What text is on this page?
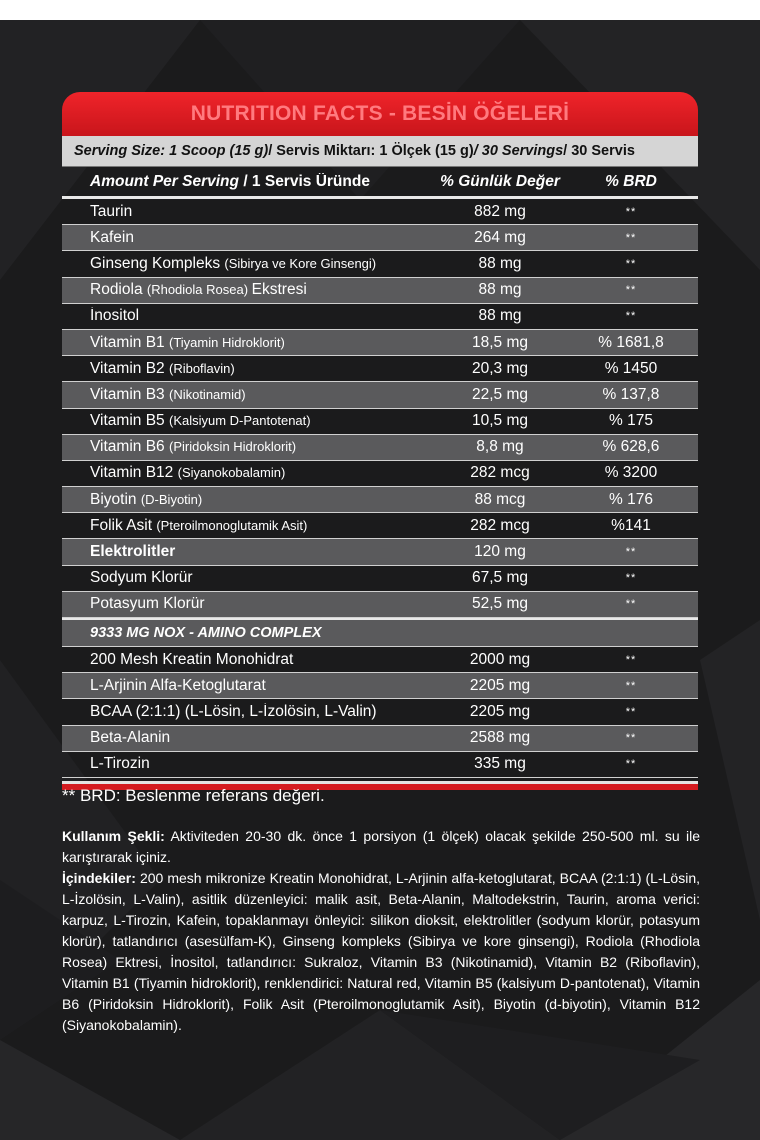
NUTRITION FACTS - BESİN ÖĞELERİ
Serving Size: 1 Scoop (15 g) / Servis Miktarı: 1 Ölçek (15 g) / 30 Servings / 30 Servis
Amount Per Serving / 1 Servis Üründe	% Günlük Değer	% BRD
Taurin	882 mg	**
Kafein	264 mg	**
Ginseng Kompleks (Sibirya ve Kore Ginsengi)	88 mg	**
Rodiola (Rhodiola Rosea) Ekstresi	88 mg	**
İnositol	88 mg	**
Vitamin B1 (Tiyamin Hidroklorit)	18,5 mg	% 1681,8
Vitamin B2 (Riboflavin)	20,3 mg	% 1450
Vitamin B3 (Nikotinamid)	22,5 mg	% 137,8
Vitamin B5 (Kalsiyum D-Pantotenat)	10,5 mg	% 175
Vitamin B6 (Piridoksin Hidroklorit)	8,8 mg	% 628,6
Vitamin B12 (Siyanokobalamin)	282 mcg	% 3200
Biyotin (D-Biyotin)	88 mcg	% 176
Folik Asit (Pteroilmonoglutamik Asit)	282 mcg	%141
Elektrolitler	120 mg	**
Sodyum Klorür	67,5 mg	**
Potasyum Klorür	52,5 mg	**
9333 MG NOX - AMINO COMPLEX
200 Mesh Kreatin Monohidrat	2000 mg	**
L-Arjinin Alfa-Ketoglutarat	2205 mg	**
BCAA (2:1:1) (L-Lösin, L-İzolösin, L-Valin)	2205 mg	**
Beta-Alanin	2588 mg	**
L-Tirozin	335 mg	**
** BRD: Beslenme referans değeri.
Kullanım Şekli: Aktiviteden 20-30 dk. önce 1 porsiyon (1 ölçek) olacak şekilde 250-500 ml. su ile karıştırarak içiniz.
İçindekiler: 200 mesh mikronize Kreatin Monohidrat, L-Arjinin alfa-ketoglutarat, BCAA (2:1:1) (L-Lösin, L-İzolösin, L-Valin), asitlik düzenleyici: malik asit, Beta-Alanin, Maltodekstrin, Taurin, aroma verici: karpuz, L-Tirozin, Kafein, topaklanmayı önleyici: silikon dioksit, elektrolitler (sodyum klorür, potasyum klorür), tatlandırıcı (asesülfam-K), Ginseng kompleks (Sibirya ve kore ginsengi), Rodiola (Rhodiola Rosea) Ektresi, İnositol, tatlandırıcı: Sukraloz, Vitamin B3 (Nikotinamid), Vitamin B2 (Riboflavin), Vitamin B1 (Tiyamin hidroklorit), renklendirici: Natural red, Vitamin B5 (kalsiyum D-pantotenat), Vitamin B6 (Piridoksin Hidroklorit), Folik Asit (Pteroilmonoglutamik Asit), Biyotin (d-biyotin), Vitamin B12 (Siyanokobalamin).
